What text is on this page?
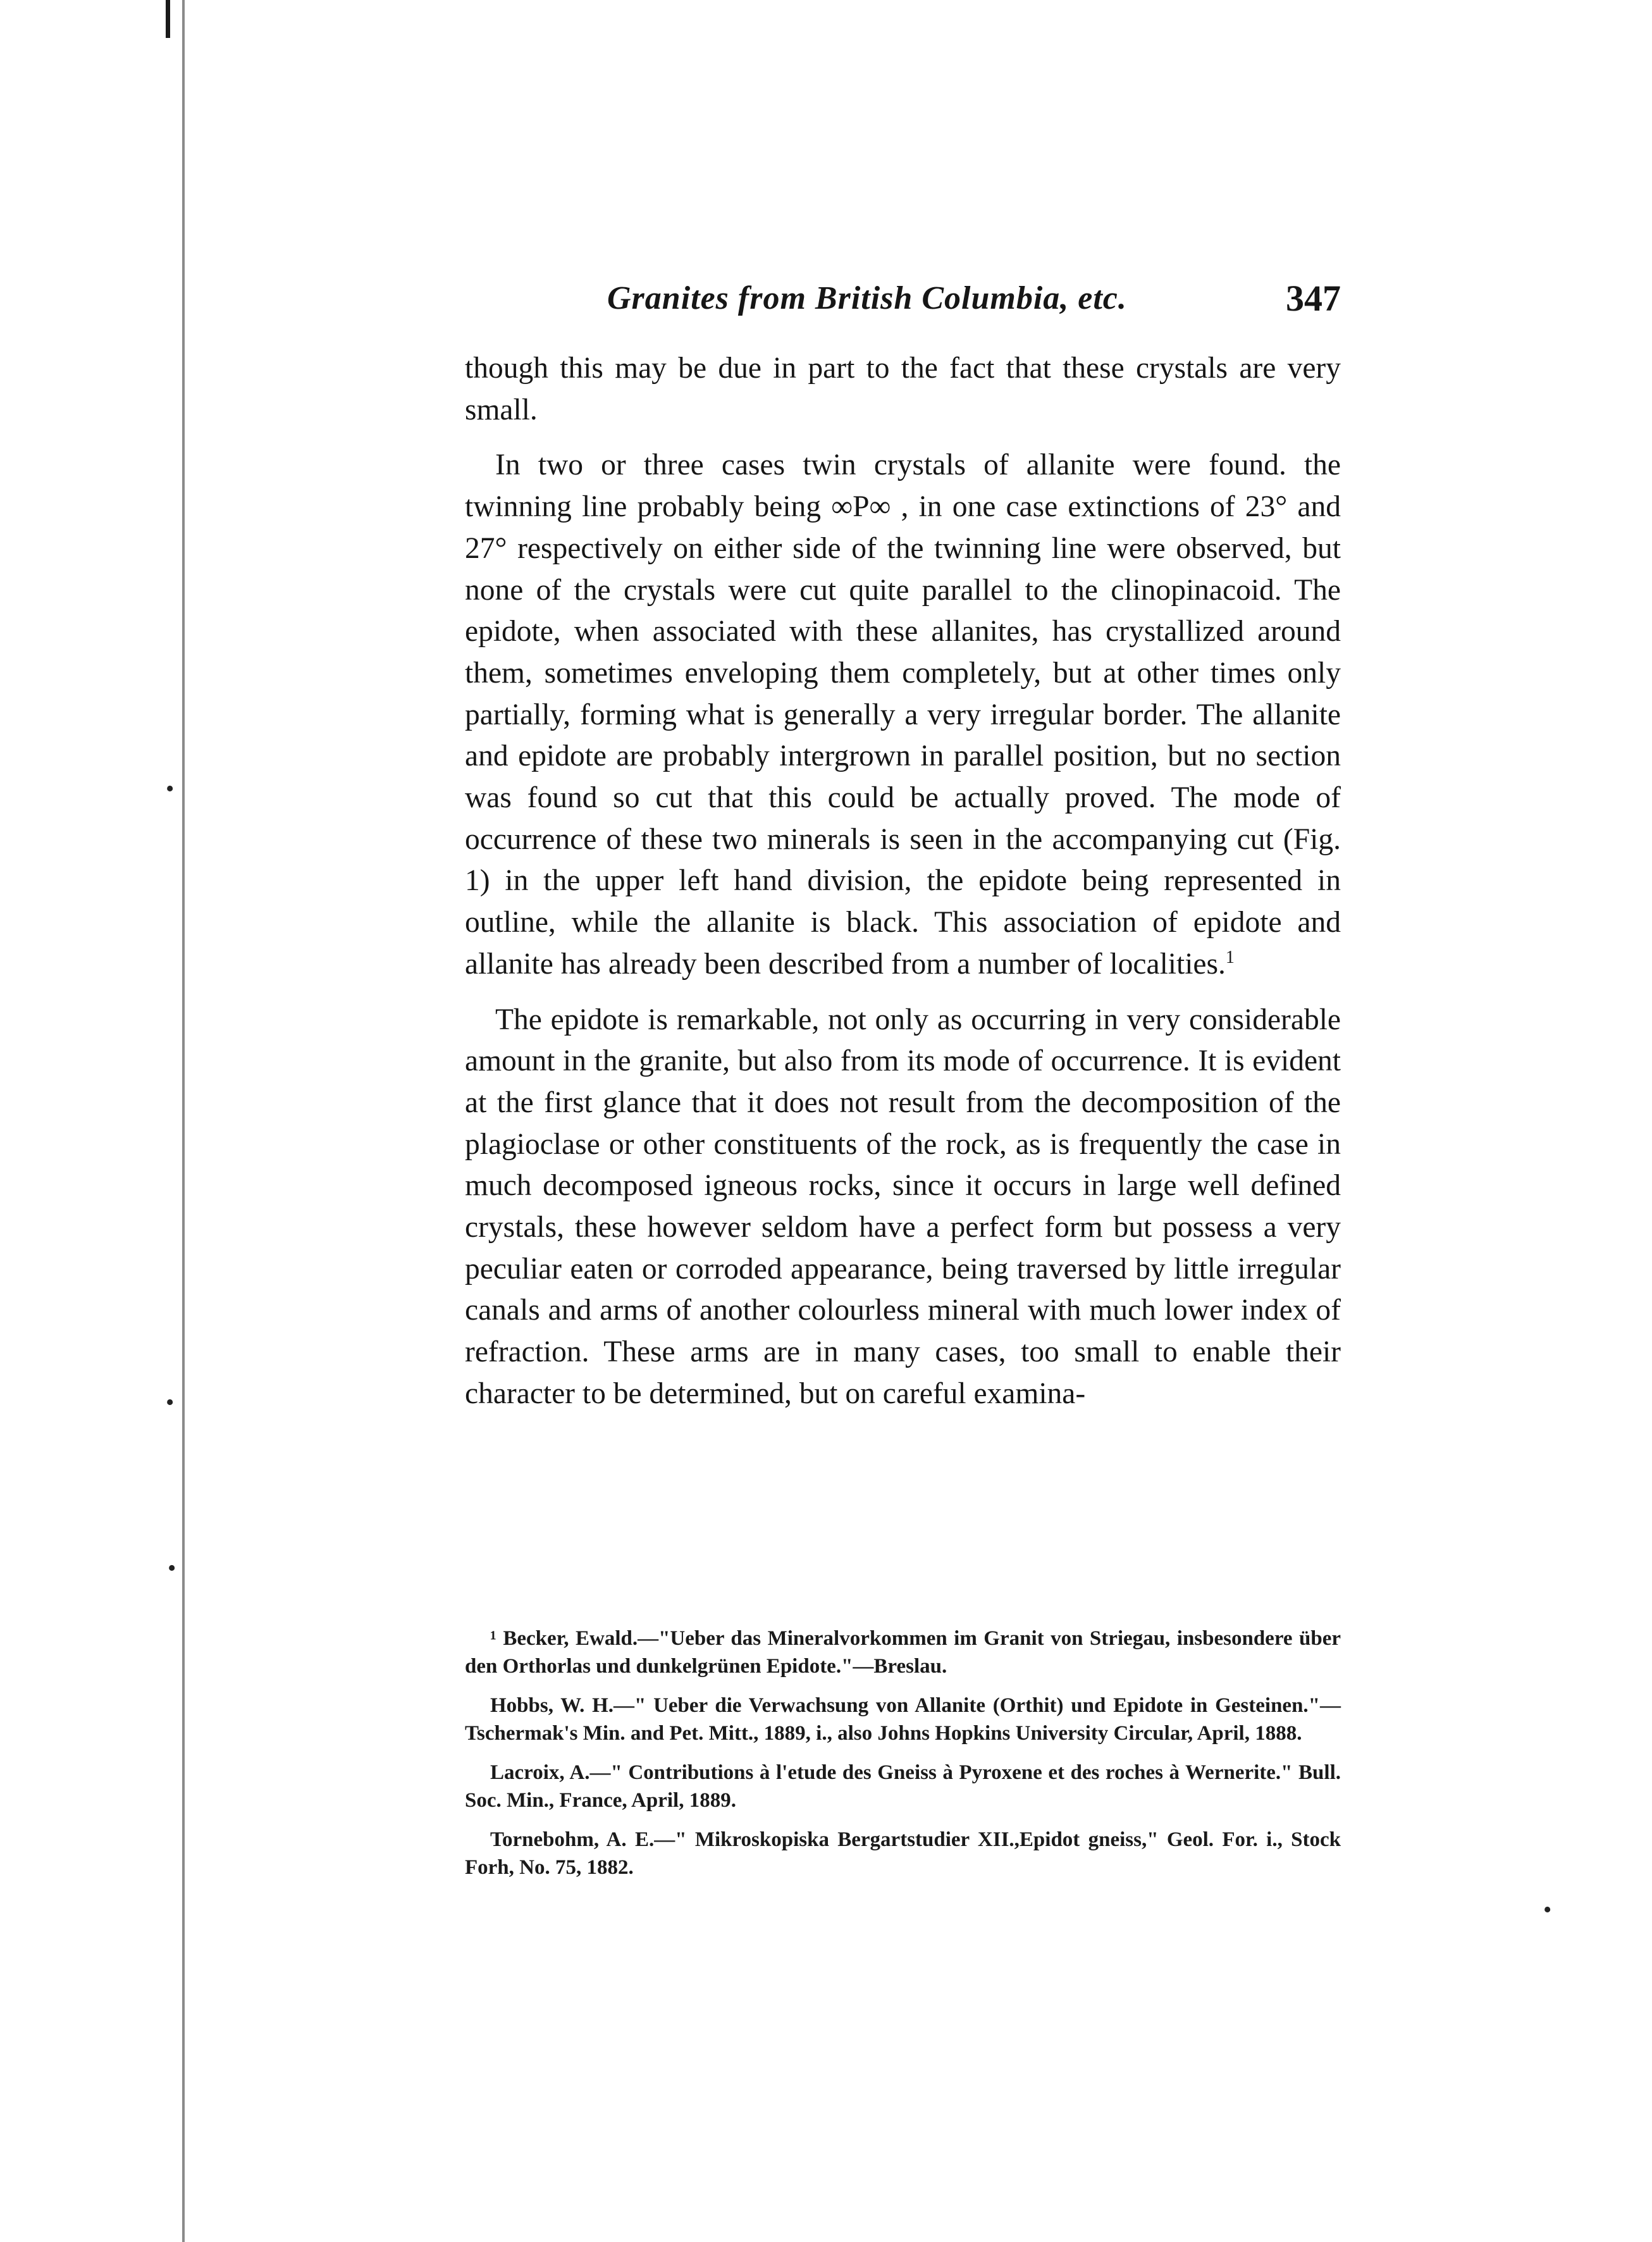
•
•
•
•
Granites from British Columbia, etc.	347

though this may be due in part to the fact that these crystals are very small.

In two or three cases twin crystals of allanite were found. the twinning line probably being ∞P∞ , in one case extinctions of 23° and 27° respectively on either side of the twinning line were observed, but none of the crystals were cut quite parallel to the clinopinacoid. The epidote, when associated with these allanites, has crystallized around them, sometimes enveloping them completely, but at other times only partially, forming what is generally a very irregular border. The allanite and epidote are probably intergrown in parallel position, but no section was found so cut that this could be actually proved. The mode of occurrence of these two minerals is seen in the accompanying cut (Fig. 1) in the upper left hand division, the epidote being represented in outline, while the allanite is black. This association of epidote and allanite has already been described from a number of localities.$^1$

The epidote is remarkable, not only as occurring in very considerable amount in the granite, but also from its mode of occurrence. It is evident at the first glance that it does not result from the decomposition of the plagioclase or other constituents of the rock, as is frequently the case in much decomposed igneous rocks, since it occurs in large well defined crystals, these however seldom have a perfect form but possess a very peculiar eaten or corroded appearance, being traversed by little irregular canals and arms of another colourless mineral with much lower index of refraction. These arms are in many cases, too small to enable their character to be determined, but on careful examina-

¹ Becker, Ewald.—"Ueber das Mineralvorkommen im Granit von Striegau, insbesondere über den Orthorlas und dunkelgrünen Epidote."—Breslau.

Hobbs, W. H.—" Ueber die Verwachsung von Allanite (Orthit) und Epidote in Gesteinen."—Tschermak's Min. and Pet. Mitt., 1889, i., also Johns Hopkins University Circular, April, 1888.

Lacroix, A.—" Contributions à l'etude des Gneiss à Pyroxene et des roches à Wernerite." Bull. Soc. Min., France, April, 1889.

Tornebohm, A. E.—" Mikroskopiska Bergartstudier XII.,Epidot gneiss," Geol. For. i., Stock Forh, No. 75, 1882.
